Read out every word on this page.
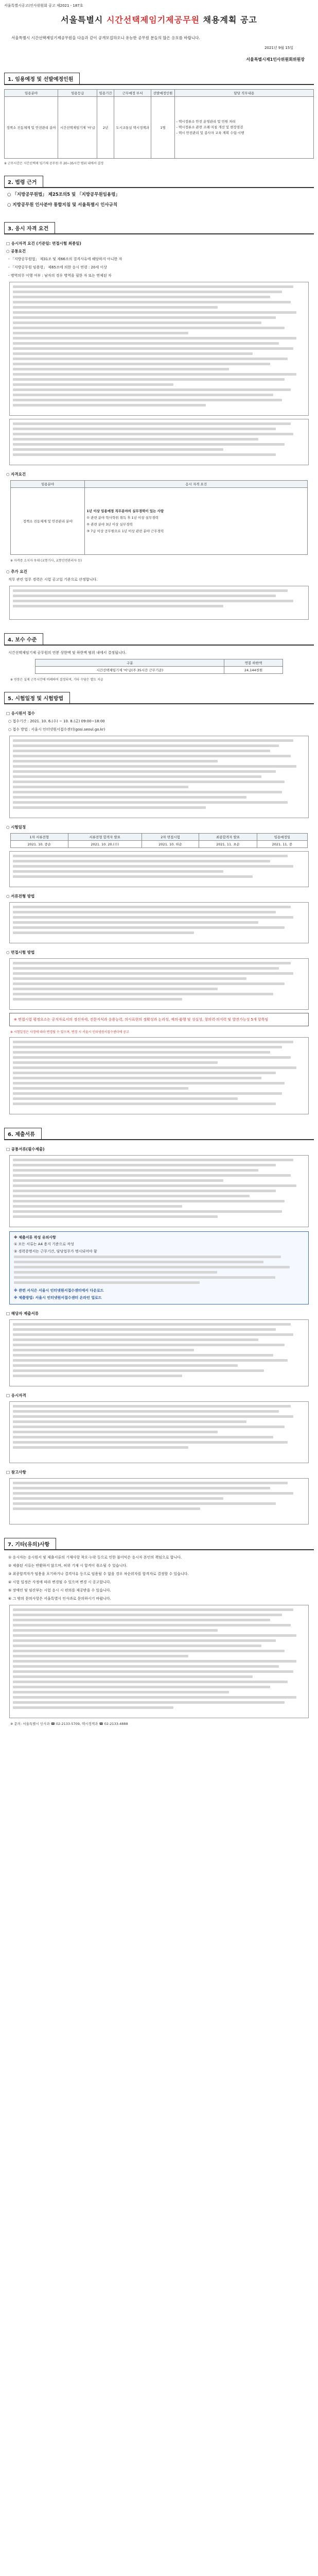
서울특별시공고(인사위원회 공고 제2021 - 187호
서울특별시 시간선택제임기제공무원 채용계획 공고
서울특별시 시간선택제임기제공무원을 다음과 같이 공개모집하오니 유능한 공무원 분들의 많은 응모를 바랍니다.
2021년 9월 15일
서울특별시제1인사위원회위원장
1. 임용예정 및 선발예정인원
임용분야	임용등급	임용기간	근무예정 부서	선발예정인원	담당 직무내용
정책소 진동체계 및 안전관리 분야	시간선택제임기제 '마'급	2년	도시교통실 택시정책과	1명	- 택시정류소 안전 운영관리 및 민원 처리
- 택시정류소 관련 조례·지침 개선 및 현장점검
- 택시 안전관리 및 종사자 교육 계획 수립·시행
※ 근무시간은 시간선택제 임기제 공무원 주 20~35시간 범위 내에서 결정
2. 법령 근거
○ 「지방공무원법」 제25조의5 및 「지방공무원임용령」
○ 지방공무원 인사분야 통합지침 및 서울특별시 인사규칙
3. 응시 자격 요건
□ 응시자격 요건 (기준일: 면접시험 최종일)
○ 공통요건
- 「지방공무원법」 제31조 및 제66조의 결격사유에 해당하지 아니한 자
- 「지방공무원 임용령」 제65조에 의한 응시 연령 : 20세 이상
- 병역의무 이행 여부 : 남자의 경우 병역을 필한 자 또는 면제된 자
○ 자격요건
임용분야	응시 자격 요건
정책소 진동체계 및 안전관리 분야	1년 이상 임용예정 직무분야의 실무경력이 있는 사람
① 관련 분야 학사학위 취득 후 1년 이상 실무경력
② 관련 분야 3년 이상 실무경력
③ 7급 이상 공무원으로 1년 이상 관련 분야 근무경력
※ 자격증 소지자 우대 (교통기사, 교통안전관리자 등)
○ 추가 요건
직무 관련 업무 경력은 시험 공고일 기준으로 산정합니다.
4. 보수 수준
시간선택제임기제 공무원의 연봉 상한액 및 하한액 범위 내에서 결정됩니다.
구분	연봉 하한액
시간선택제임기제 '마'급(주 35시간 근무기준)	24,144천원
※ 연봉은 실제 근무시간에 비례하여 결정되며, 기타 수당은 별도 지급
5. 시험일정 및 시험방법
□ 응시원서 접수
○ 접수기간 : 2021. 10. 6.(수) ~ 10. 8.(금) 09:00~18:00
○ 접수 방법 : 서울시 인터넷원서접수센터(gosi.seoul.go.kr)
○ 시험일정
1차 서류전형	서류전형 합격자 발표	2차 면접시험	최종합격자 발표	임용예정일
2021. 10. 중순	2021. 10. 20.(수)	2021. 10. 하순	2021. 11. 초순	2021. 11. 중
○ 서류전형 방법
○ 면접시험 방법
※ 면접시험 평정요소는 공직자로서의 정신자세, 전문지식과 응용능력, 의사표현의 정확성과 논리성, 예의·품행 및 성실성, 창의력·의지력 및 발전가능성 5개 항목임
※ 시험일정은 사정에 따라 변경될 수 있으며, 변경 시 서울시 인터넷원서접수센터에 공고
6. 제출서류
□ 공통서류(필수제출)
※ 제출서류 작성 유의사항
① 모든 서류는 A4 용지 기준으로 작성
② 경력증명서는 근무기간, 담당업무가 명시되어야 함
※ 관련 서식은 서울시 인터넷원서접수센터에서 다운로드
※ 제출방법: 서울시 인터넷원서접수센터 온라인 업로드
□ 해당자 제출서류
□ 응시자격
□ 참고사항
7. 기타(유의)사항
① 응시자는 응시원서 및 제출서류의 기재사항 착오·누락 등으로 인한 불이익은 응시자 본인의 책임으로 합니다.
② 제출된 서류는 반환하지 않으며, 허위 기재 시 합격이 취소될 수 있습니다.
③ 최종합격자가 임용을 포기하거나 결격사유 등으로 임용될 수 없을 경우 차순위자를 합격자로 결정할 수 있습니다.
④ 시험 일정은 사정에 따라 변경될 수 있으며 변경 시 공고합니다.
⑤ 장애인 및 임산부는 시험 응시 시 편의를 제공받을 수 있습니다.
⑥ 그 밖의 문의사항은 서울특별시 인사과로 문의하시기 바랍니다.
※ 문의: 서울특별시 인사과 ☎ 02-2133-5709, 택시정책과 ☎ 02-2133-4888
